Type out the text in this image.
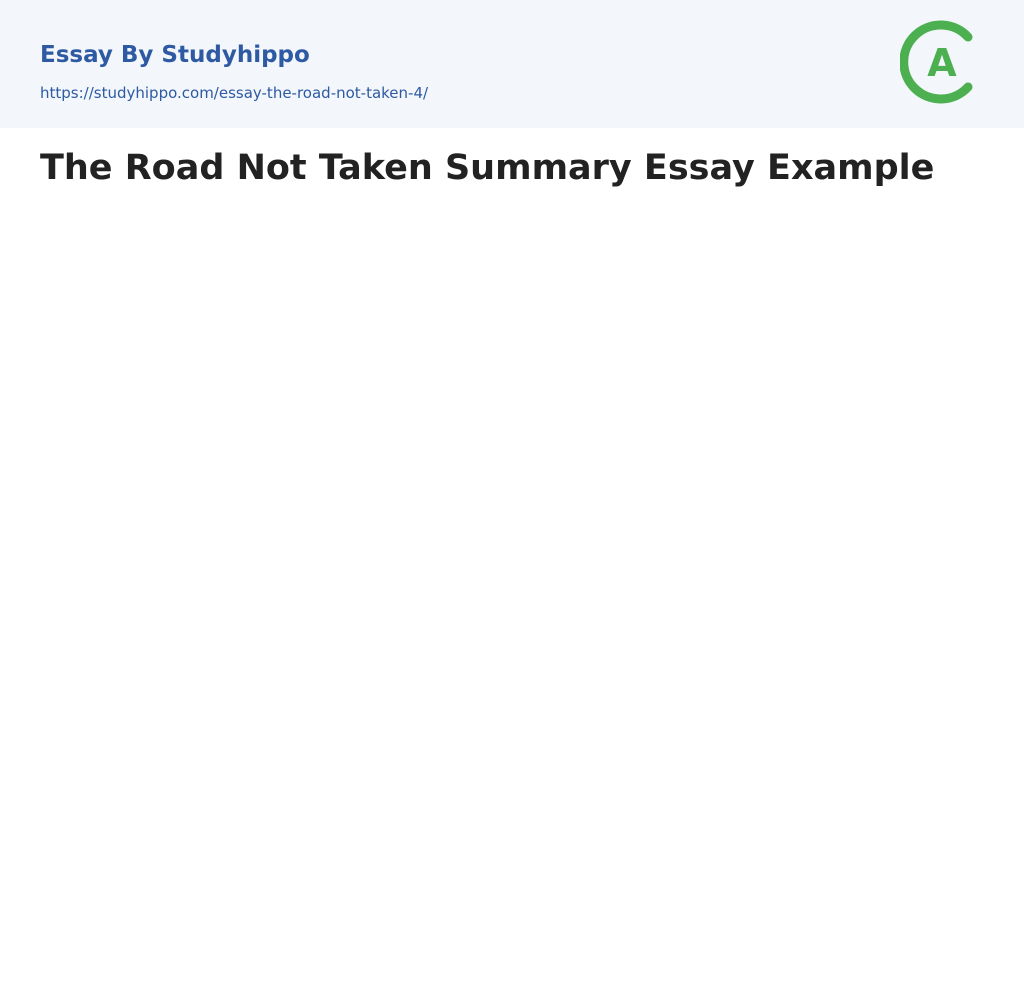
Essay By Studyhippo
https://studyhippo.com/essay-the-road-not-taken-4/
A
The Road Not Taken Summary Essay Example
